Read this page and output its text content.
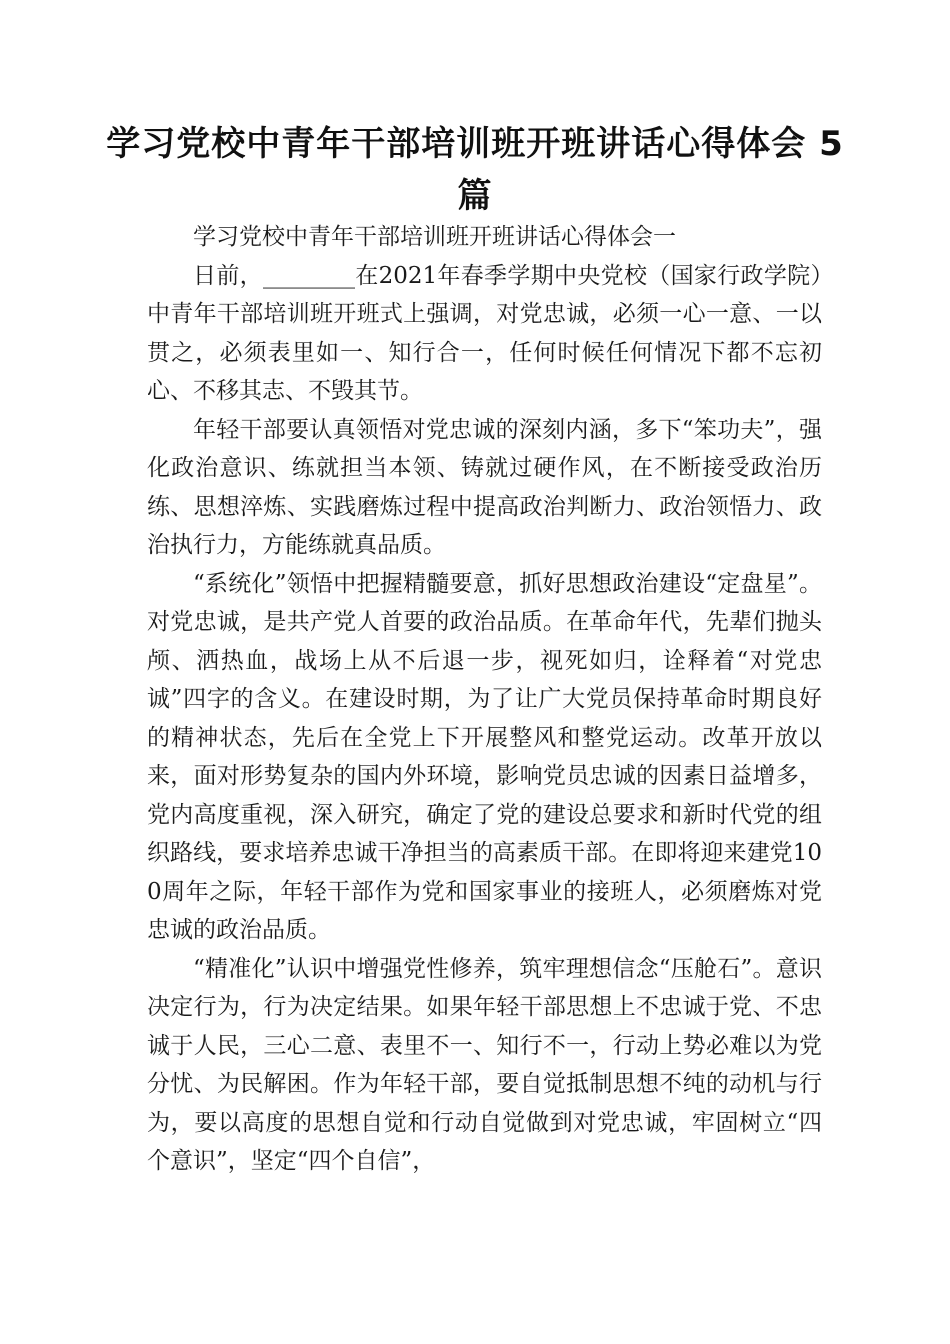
学习党校中青年干部培训班开班讲话心得体会 5篇

学习党校中青年干部培训班开班讲话心得体会一

日前，________在2021年春季学期中央党校（国家行政学院）中青年干部培训班开班式上强调，对党忠诚，必须一心一意、一以贯之，必须表里如一、知行合一，任何时候任何情况下都不忘初心、不移其志、不毁其节。

年轻干部要认真领悟对党忠诚的深刻内涵，多下“笨功夫”，强化政治意识、练就担当本领、铸就过硬作风，在不断接受政治历练、思想淬炼、实践磨炼过程中提高政治判断力、政治领悟力、政治执行力，方能练就真品质。

“系统化”领悟中把握精髓要意，抓好思想政治建设“定盘星”。对党忠诚，是共产党人首要的政治品质。在革命年代，先辈们抛头颅、洒热血，战场上从不后退一步，视死如归，诠释着“对党忠诚”四字的含义。在建设时期，为了让广大党员保持革命时期良好的精神状态，先后在全党上下开展整风和整党运动。改革开放以来，面对形势复杂的国内外环境，影响党员忠诚的因素日益增多，党内高度重视，深入研究，确定了党的建设总要求和新时代党的组织路线，要求培养忠诚干净担当的高素质干部。在即将迎来建党100周年之际，年轻干部作为党和国家事业的接班人，必须磨炼对党忠诚的政治品质。

“精准化”认识中增强党性修养，筑牢理想信念“压舱石”。意识决定行为，行为决定结果。如果年轻干部思想上不忠诚于党、不忠诚于人民，三心二意、表里不一、知行不一，行动上势必难以为党分忧、为民解困。作为年轻干部，要自觉抵制思想不纯的动机与行为，要以高度的思想自觉和行动自觉做到对党忠诚，牢固树立“四个意识”，坚定“四个自信”，
